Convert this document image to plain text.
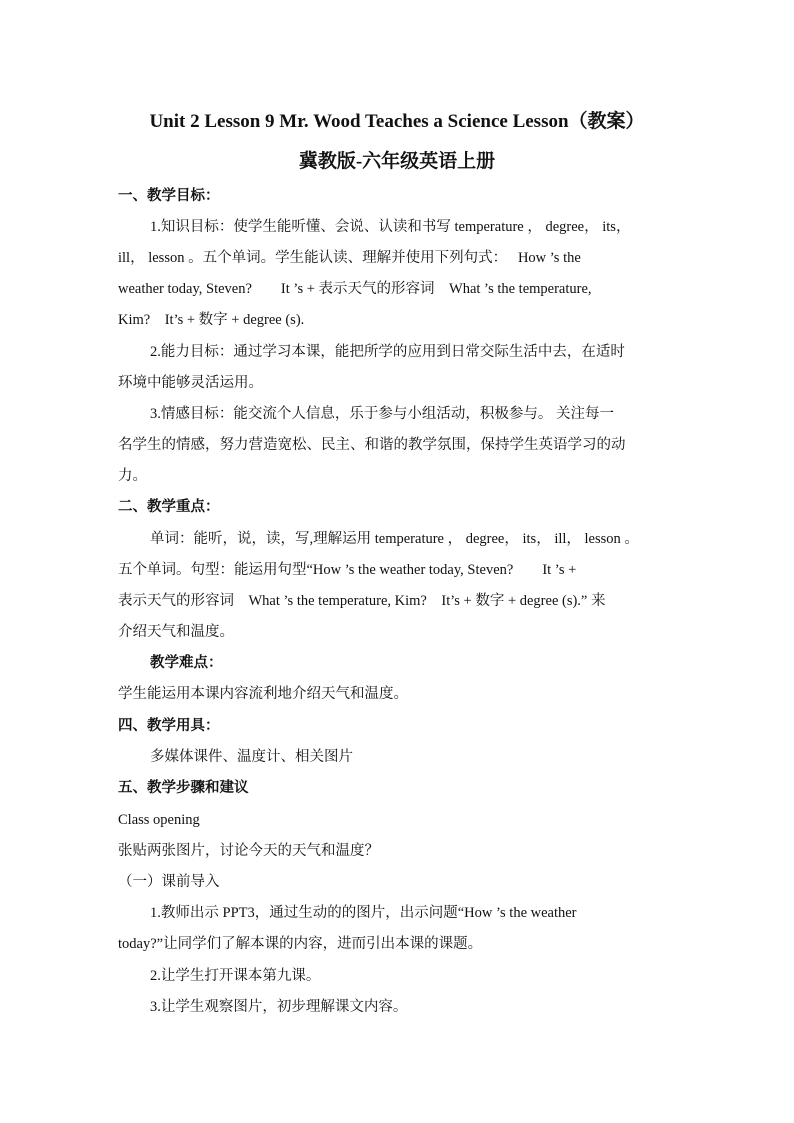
Unit 2 Lesson 9 Mr. Wood Teaches a Science Lesson（教案）
冀教版-六年级英语上册
一、教学目标：
1.知识目标：使学生能听懂、会说、认读和书写 temperature ， degree， its，
ill， lesson 。五个单词。学生能认读、理解并使用下列句式：　 How ’s the
weather today, Steven?　　It ’s + 表示天气的形容词　What ’s the temperature,
Kim?　It’s + 数字 + degree (s).
2.能力目标：通过学习本课，能把所学的应用到日常交际生活中去，在适时
环境中能够灵活运用。
3.情感目标：能交流个人信息，乐于参与小组活动，积极参与。 关注每一
名学生的情感，努力营造宽松、民主、和谐的教学氛围，保持学生英语学习的动
力。
二、教学重点：
单词：能听，说，读，写,理解运用 temperature ， degree， its， ill， lesson 。
五个单词。句型：能运用句型“How ’s the weather today, Steven?　　It ’s +
表示天气的形容词　What ’s the temperature, Kim?　It’s + 数字 + degree (s).” 来
介绍天气和温度。
教学难点：
学生能运用本课内容流利地介绍天气和温度。
四、教学用具：
多媒体课件、温度计、相关图片
五、教学步骤和建议
Class opening
张贴两张图片，讨论今天的天气和温度？
（一）课前导入
1.教师出示 PPT3，通过生动的的图片，出示问题“How ’s the weather
today?”让同学们了解本课的内容，进而引出本课的课题。
2.让学生打开课本第九课。
3.让学生观察图片，初步理解课文内容。
